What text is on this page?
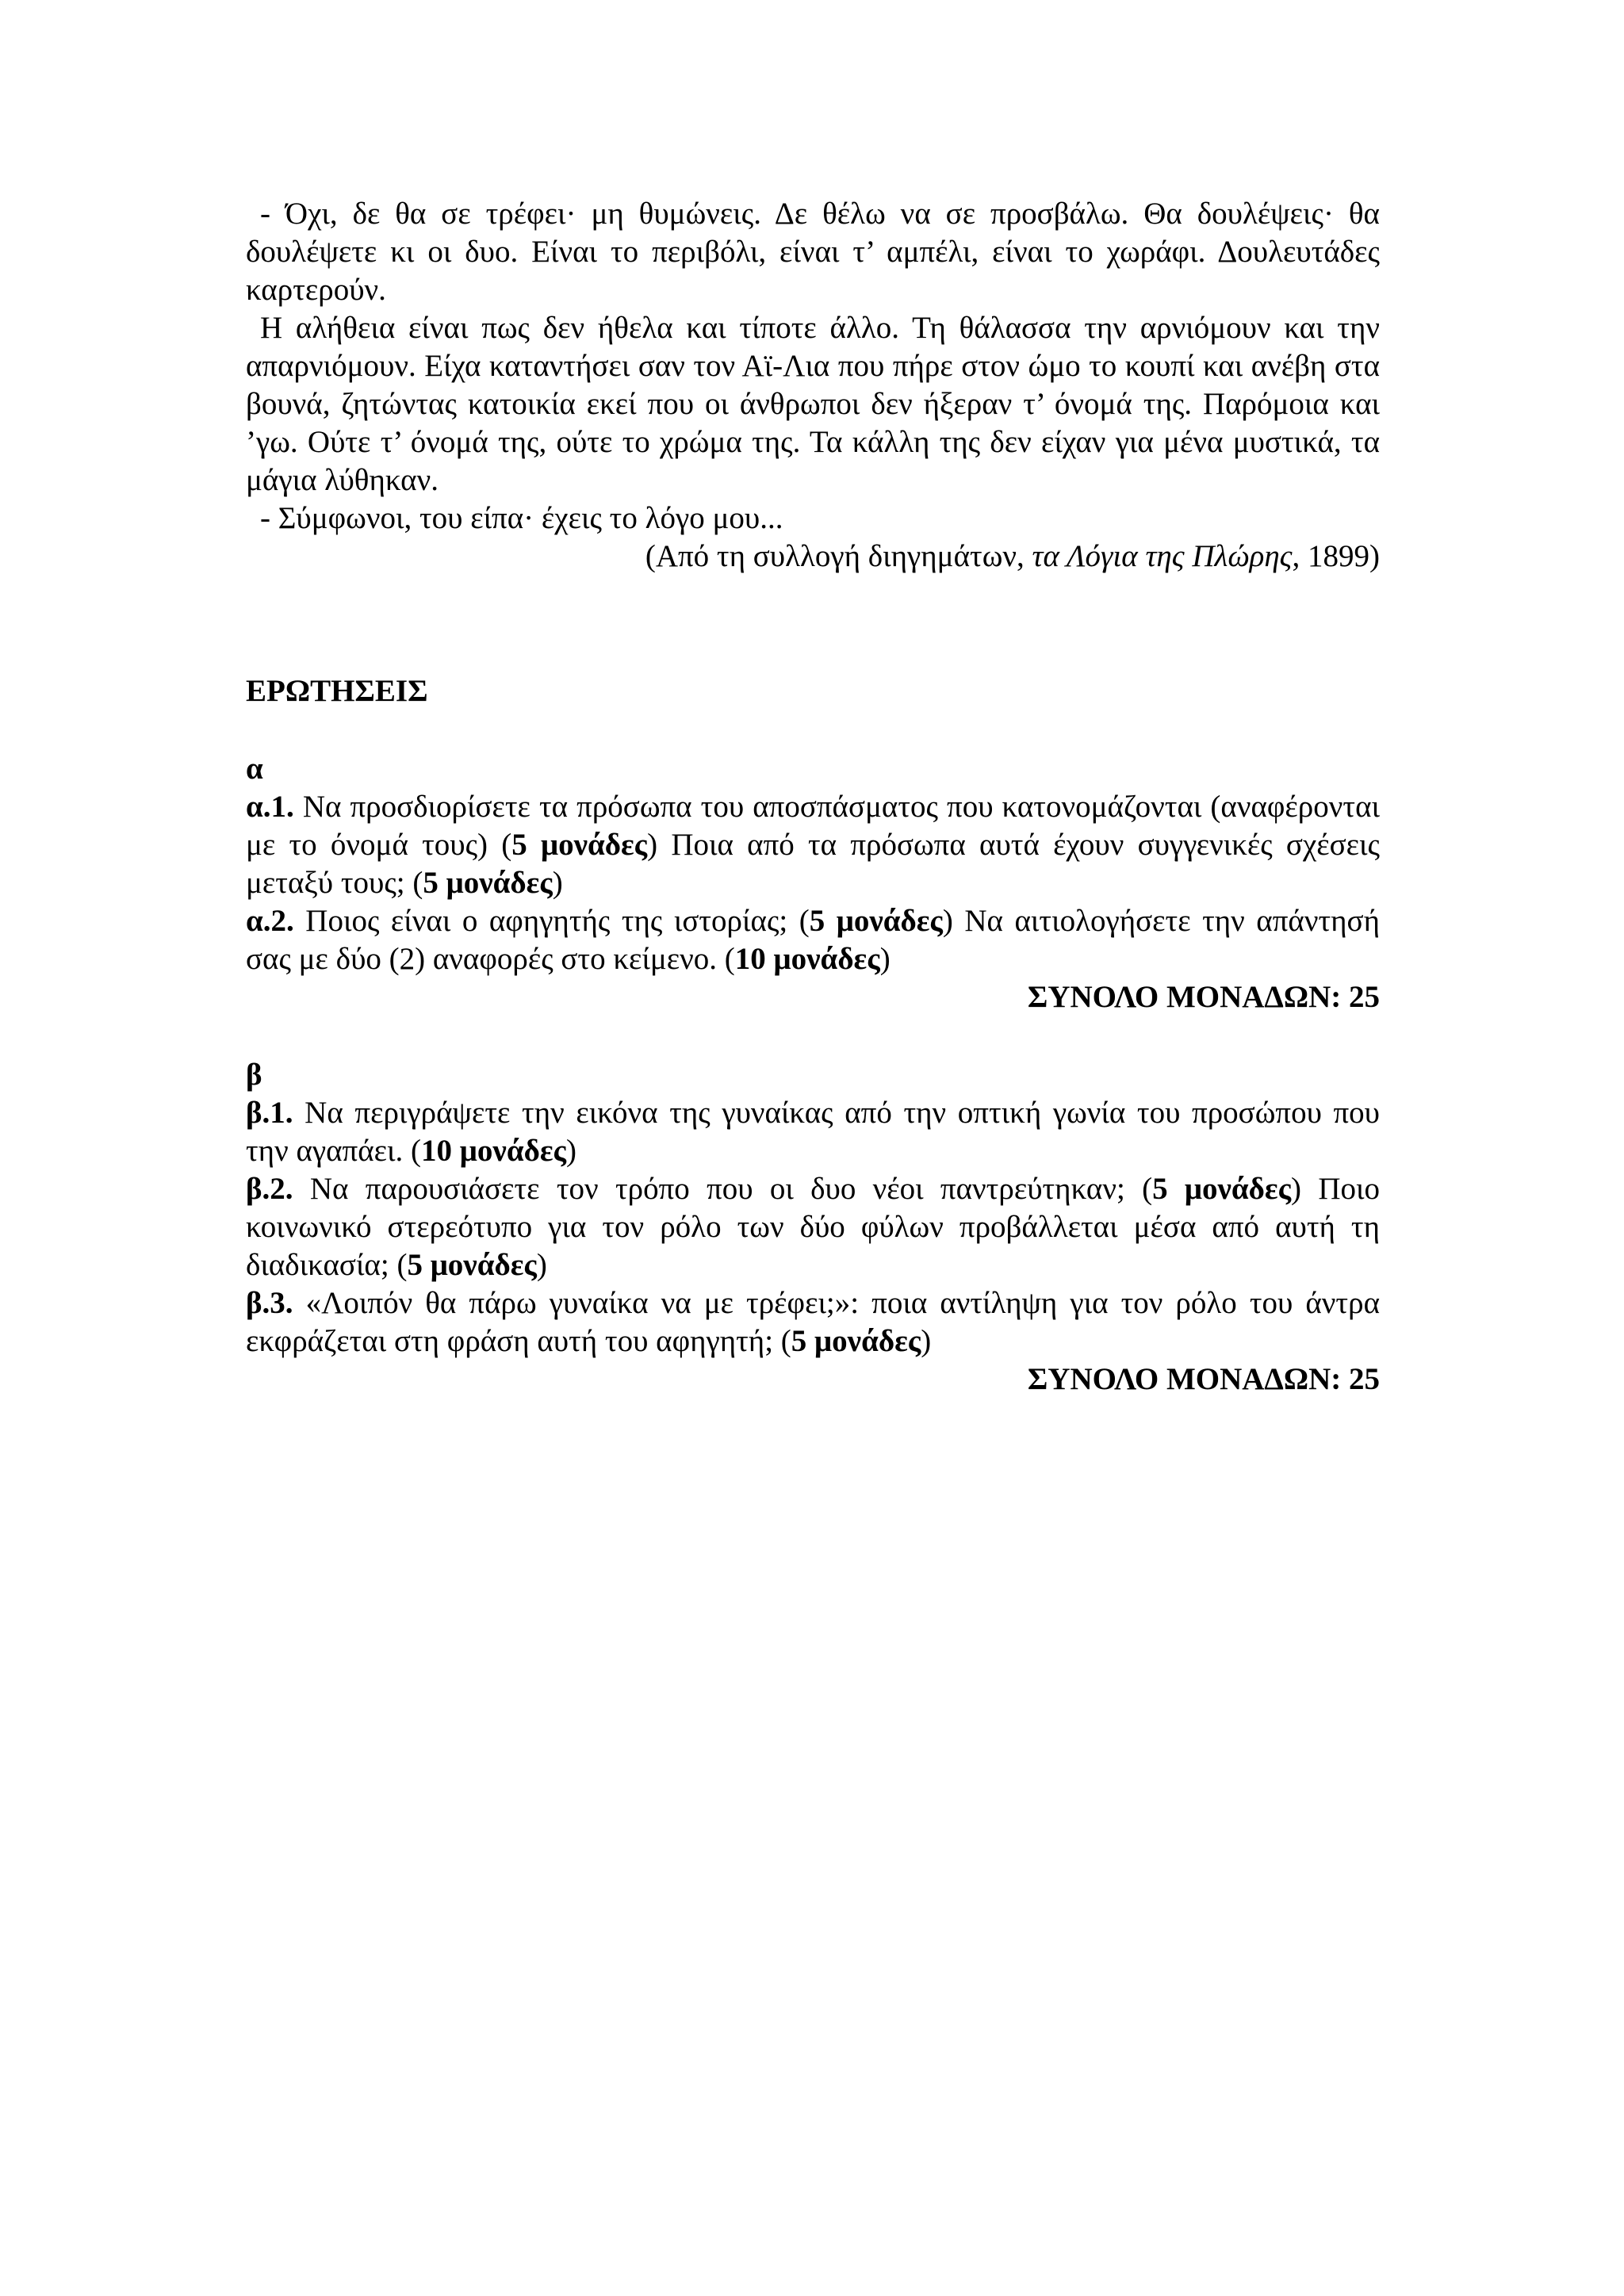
- Όχι, δε θα σε τρέφει· μη θυμώνεις. Δε θέλω να σε προσβάλω. Θα δουλέψεις· θα δουλέψετε κι οι δυο. Είναι το περιβόλι, είναι τ’ αμπέλι, είναι το χωράφι. Δουλευτάδες καρτερούν.

Η αλήθεια είναι πως δεν ήθελα και τίποτε άλλο. Τη θάλασσα την αρνιόμουν και την απαρνιόμουν. Είχα καταντήσει σαν τον Αϊ-Λια που πήρε στον ώμο το κουπί και ανέβη στα βουνά, ζητώντας κατοικία εκεί που οι άνθρωποι δεν ήξεραν τ’ όνομά της. Παρόμοια και ’γω. Ούτε τ’ όνομά της, ούτε το χρώμα της. Τα κάλλη της δεν είχαν για μένα μυστικά, τα μάγια λύθηκαν.

- Σύμφωνοι, του είπα· έχεις το λόγο μου...

(Από τη συλλογή διηγημάτων, τα Λόγια της Πλώρης, 1899)

ΕΡΩΤΗΣΕΙΣ

α

α.1. Να προσδιορίσετε τα πρόσωπα του αποσπάσματος που κατονομάζονται (αναφέρονται με το όνομά τους) (5 μονάδες) Ποια από τα πρόσωπα αυτά έχουν συγγενικές σχέσεις μεταξύ τους; (5 μονάδες)

α.2. Ποιος είναι ο αφηγητής της ιστορίας; (5 μονάδες) Να αιτιολογήσετε την απάντησή σας με δύο (2) αναφορές στο κείμενο. (10 μονάδες)

ΣΥΝΟΛΟ ΜΟΝΑΔΩΝ: 25

β

β.1. Να περιγράψετε την εικόνα της γυναίκας από την οπτική γωνία του προσώπου που την αγαπάει. (10 μονάδες)

β.2. Να παρουσιάσετε τον τρόπο που οι δυο νέοι παντρεύτηκαν; (5 μονάδες) Ποιο κοινωνικό στερεότυπο για τον ρόλο των δύο φύλων προβάλλεται μέσα από αυτή τη διαδικασία; (5 μονάδες)

β.3. «Λοιπόν θα πάρω γυναίκα να με τρέφει;»: ποια αντίληψη για τον ρόλο του άντρα εκφράζεται στη φράση αυτή του αφηγητή; (5 μονάδες)

ΣΥΝΟΛΟ ΜΟΝΑΔΩΝ: 25
